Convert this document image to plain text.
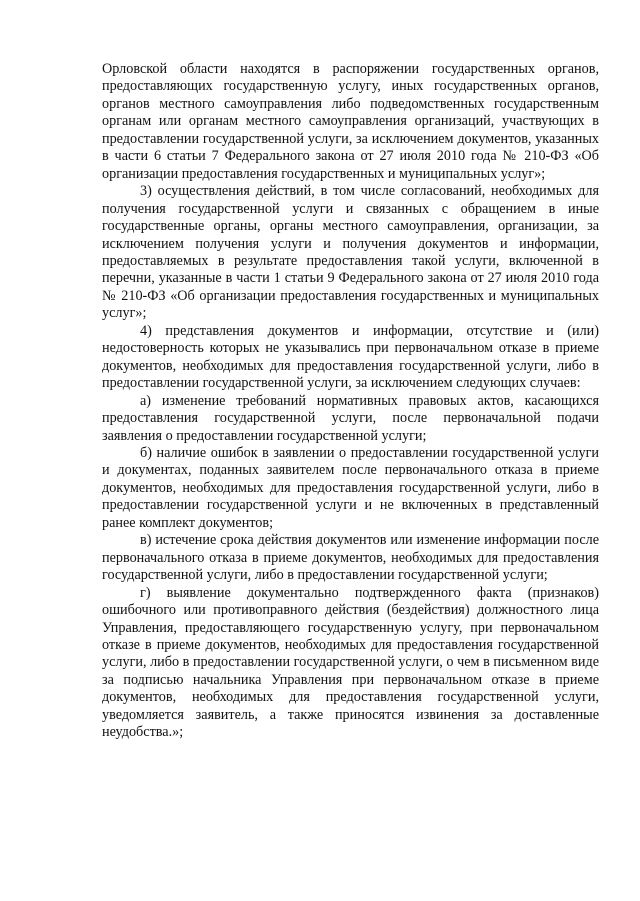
Орловской области находятся в распоряжении государственных органов, предоставляющих государственную услугу, иных государственных органов, органов местного самоуправления либо подведомственных государственным органам или органам местного самоуправления организаций, участвующих в предоставлении государственной услуги, за исключением документов, указанных в части 6 статьи 7 Федерального закона от 27 июля 2010 года № 210-ФЗ «Об организации предоставления государственных и муниципальных услуг»;

3) осуществления действий, в том числе согласований, необходимых для получения государственной услуги и связанных с обращением в иные государственные органы, органы местного самоуправления, организации, за исключением получения услуги и получения документов и информации, предоставляемых в результате предоставления такой услуги, включенной в перечни, указанные в части 1 статьи 9 Федерального закона от 27 июля 2010 года № 210-ФЗ «Об организации предоставления государственных и муниципальных услуг»;

4) представления документов и информации, отсутствие и (или) недостоверность которых не указывались при первоначальном отказе в приеме документов, необходимых для предоставления государственной услуги, либо в предоставлении государственной услуги, за исключением следующих случаев:

а) изменение требований нормативных правовых актов, касающихся предоставления государственной услуги, после первоначальной подачи заявления о предоставлении государственной услуги;

б) наличие ошибок в заявлении о предоставлении государственной услуги и документах, поданных заявителем после первоначального отказа в приеме документов, необходимых для предоставления государственной услуги, либо в предоставлении государственной услуги и не включенных в представленный ранее комплект документов;

в) истечение срока действия документов или изменение информации после первоначального отказа в приеме документов, необходимых для предоставления государственной услуги, либо в предоставлении государственной услуги;

г) выявление документально подтвержденного факта (признаков) ошибочного или противоправного действия (бездействия) должностного лица Управления, предоставляющего государственную услугу, при первоначальном отказе в приеме документов, необходимых для предоставления государственной услуги, либо в предоставлении государственной услуги, о чем в письменном виде за подписью начальника Управления при первоначальном отказе в приеме документов, необходимых для предоставления государственной услуги, уведомляется заявитель, а также приносятся извинения за доставленные неудобства.»;
